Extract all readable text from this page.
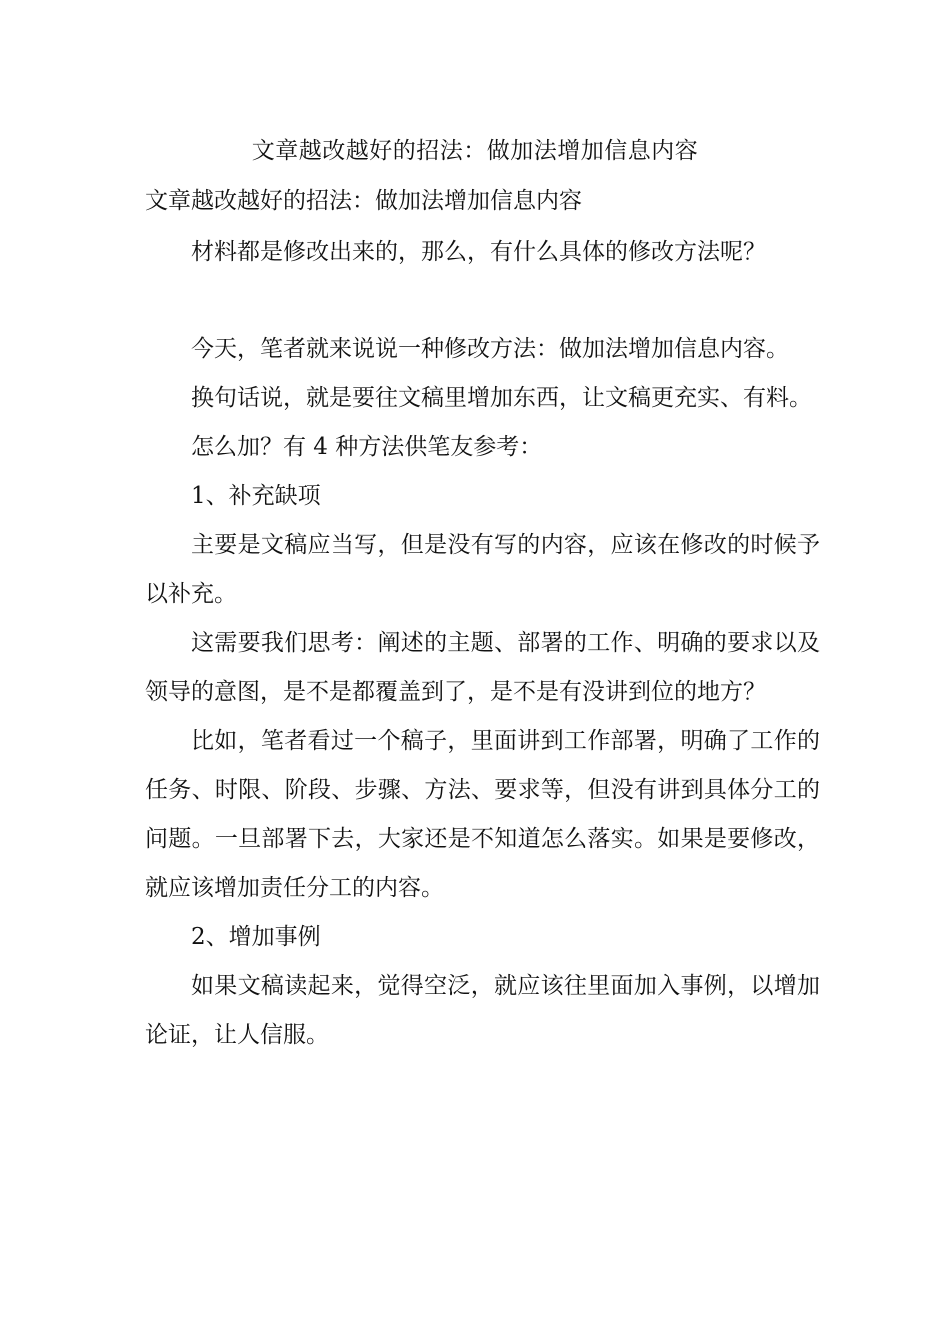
文章越改越好的招法：做加法增加信息内容

文章越改越好的招法：做加法增加信息内容

材料都是修改出来的，那么，有什么具体的修改方法呢？

今天，笔者就来说说一种修改方法：做加法增加信息内容。

换句话说，就是要往文稿里增加东西，让文稿更充实、有料。

怎么加？有 4 种方法供笔友参考：

1、补充缺项

主要是文稿应当写，但是没有写的内容，应该在修改的时候予以补充。

这需要我们思考：阐述的主题、部署的工作、明确的要求以及领导的意图，是不是都覆盖到了，是不是有没讲到位的地方？

比如，笔者看过一个稿子，里面讲到工作部署，明确了工作的任务、时限、阶段、步骤、方法、要求等，但没有讲到具体分工的问题。一旦部署下去，大家还是不知道怎么落实。如果是要修改，就应该增加责任分工的内容。

2、增加事例

如果文稿读起来，觉得空泛，就应该往里面加入事例，以增加论证，让人信服。
